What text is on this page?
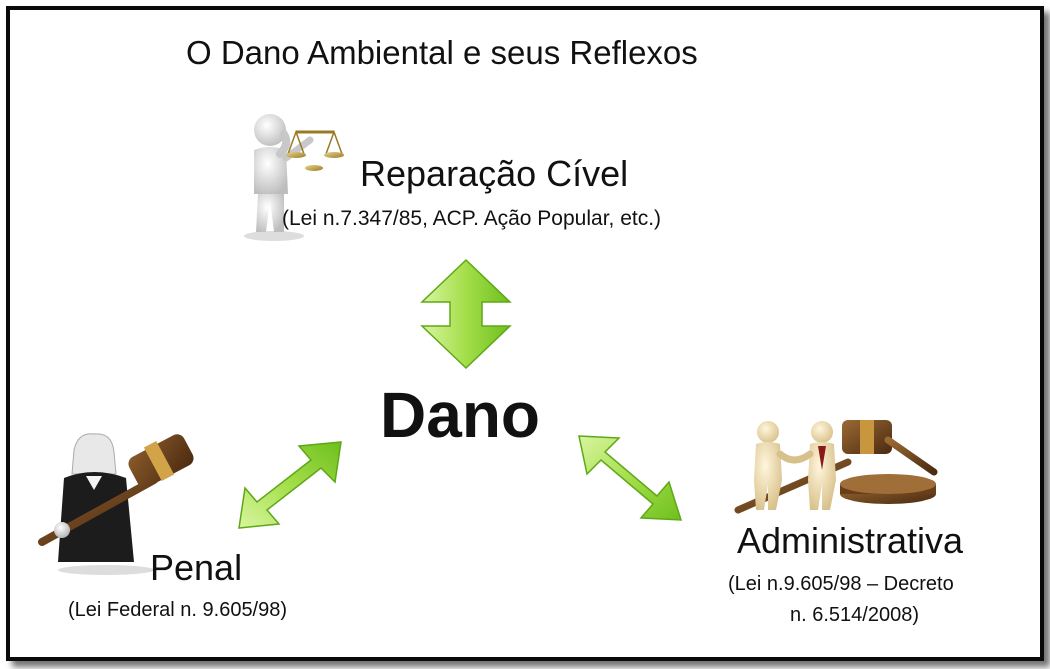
O Dano Ambiental e seus Reflexos
Reparação Cível
(Lei n.7.347/85, ACP. Ação Popular, etc.)
Dano
Penal
(Lei Federal n. 9.605/98)
Administrativa
(Lei n.9.605/98 – Decreto
n. 6.514/2008)
